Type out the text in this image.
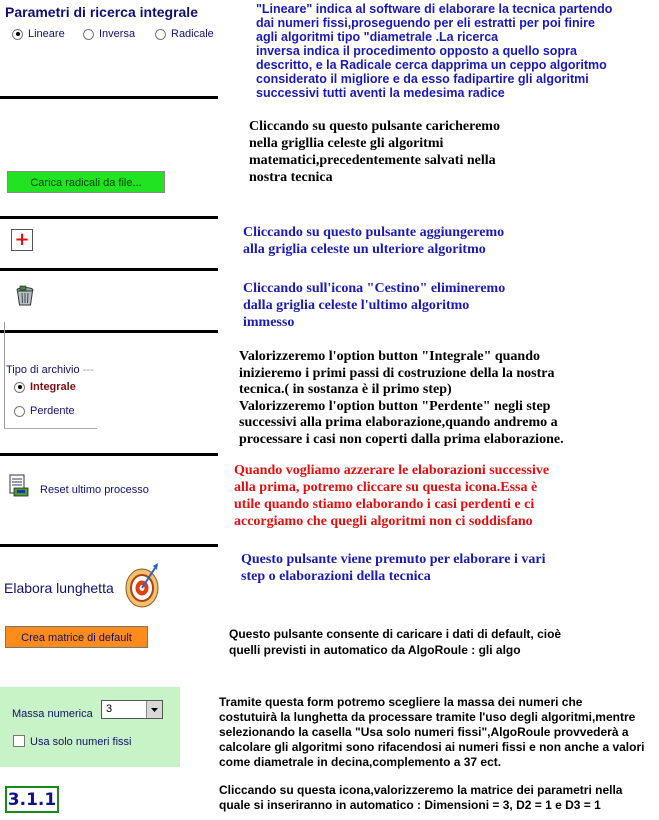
Parametri di ricerca integrale
Lineare	Inversa	Radicale
"Lineare" indica al software di elaborare la tecnica partendo
dai numeri fissi,proseguendo per eli estratti per poi finire
agli algoritmi tipo "diametrale .La ricerca
inversa indica il procedimento opposto a quello sopra
descritto, e la Radicale cerca dapprima un ceppo algoritmo
considerato il migliore e da esso fadipartire gli algoritmi
successivi tutti aventi la medesima radice
Carica radicali da file...
Cliccando su questo pulsante caricheremo
nella grigllia celeste gli algoritmi
matematici,precedentemente salvati nella
nostra tecnica
+	Cliccando su questo pulsante aggiungeremo
alla griglia celeste un ulteriore algoritmo
Cliccando sull'icona "Cestino" elimineremo
dalla griglia celeste l'ultimo algoritmo
immesso
Tipo di archivio ---
Integrale
Perdente
Valorizzeremo l'option button "Integrale" quando
inizieremo i primi passi di costruzione della la nostra
tecnica.( in sostanza è il primo step)
Valorizzeremo l'option button "Perdente" negli step
successivi alla prima elaborazione,quando andremo a
processare i casi non coperti dalla prima elaborazione.
Reset ultimo processo
Quando vogliamo azzerare le elaborazioni successive
alla prima, potremo cliccare su questa icona.Essa è
utile quando stiamo elaborando i casi perdenti e ci
accorgiamo che quegli algoritmi non ci soddisfano
Elabora lunghetta
Questo pulsante viene premuto per elaborare i vari
step o elaborazioni della tecnica
Crea matrice di default	Questo pulsante consente di caricare i dati di default, cioè
quelli previsti in automatico da AlgoRoule : gli algo
Massa numerica 3
Usa solo numeri fissi
Tramite questa form potremo scegliere la massa dei numeri che
costutuirà la lunghetta da processare tramite l'uso degli algoritmi,mentre
selezionando la casella "Usa solo numeri fissi",AlgoRoule provvederà a
calcolare gli algoritmi sono rifacendosi ai numeri fissi e non anche a valori
come diametrale in decina,complemento a 37 ect.
3.1.1	Cliccando su questa icona,valorizzeremo la matrice dei parametri nella
quale si inseriranno in automatico : Dimensioni = 3, D2 = 1 e D3 = 1
